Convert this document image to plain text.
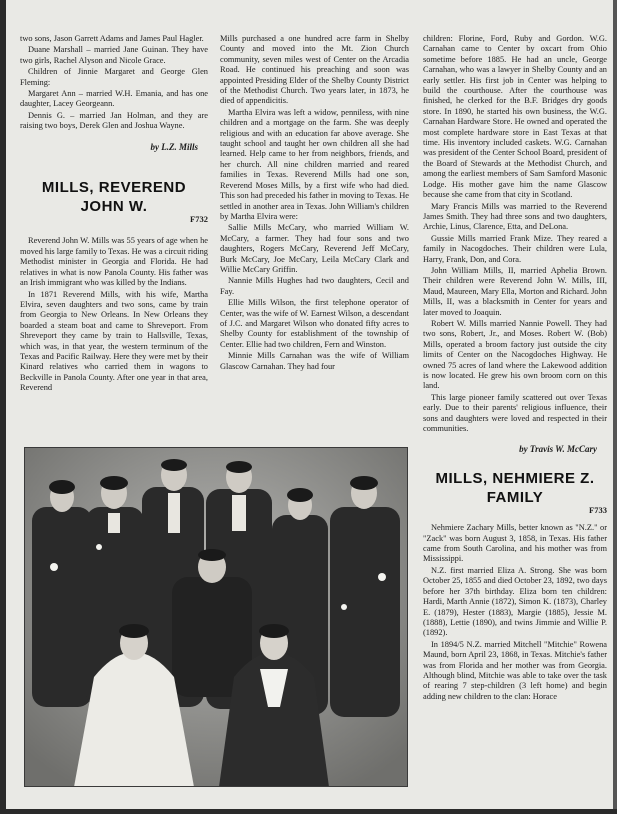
two sons, Jason Garrett Adams and James Paul Hagler.

Duane Marshall – married Jane Guinan. They have two girls, Rachel Alyson and Nicole Grace.

Children of Jinnie Margaret and George Glen Fleming:

Margaret Ann – married W.H. Emania, and has one daughter, Lacey Georgeann.

Dennis G. – married Jan Holman, and they are raising two boys, Derek Glen and Joshua Wayne.

by L.Z. Mills
MILLS, REVEREND
JOHN W.
F732

Reverend John W. Mills was 55 years of age when he moved his large family to Texas. He was a circuit riding Methodist minister in Georgia and Florida. He had relatives in what is now Panola County. His father was an Irish immigrant who was killed by the Indians.

In 1871 Reverend Mills, with his wife, Martha Elvira, seven daughters and two sons, came by train from Georgia to New Orleans. In New Orleans they boarded a steam boat and came to Shreveport. From Shreveport they came by train to Hallsville, Texas, which was, in that year, the western terminum of the Texas and Pacific Railway. Here they were met by their Kinard relatives who carried them in wagons to Beckville in Panola County. After one year in that area, Reverend

Mills purchased a one hundred acre farm in Shelby County and moved into the Mt. Zion Church community, seven miles west of Center on the Arcadia Road. He continued his preaching and soon was appointed Presiding Elder of the Shelby County District of the Methodist Church. Two years later, in 1873, he died of appendicitis.

Martha Elvira was left a widow, penniless, with nine children and a mortgage on the farm. She was deeply religious and with an education far above average. She taught school and taught her own children all she had learned. Help came to her from neighbors, friends, and her church. All nine children married and reared families in Texas. Reverend Mills had one son, Reverend Moses Mills, by a first wife who had died. This son had preceded his father in moving to Texas. He settled in another area in Texas. John William's children by Martha Elvira were:

Sallie Mills McCary, who married William W. McCary, a farmer. They had four sons and two daughters, Rogers McCary, Reverend Jeff McCary, Burk McCary, Joe McCary, Leila McCary Clark and Willie McCary Griffin.

Nannie Mills Hughes had two daughters, Cecil and Fay.

Ellie Mills Wilson, the first telephone operator of Center, was the wife of W. Earnest Wilson, a descendant of J.C. and Margaret Wilson who donated fifty acres to Shelby County for establishment of the township of Center. Ellie had two children, Fern and Winston.

Minnie Mills Carnahan was the wife of William Glascow Carnahan. They had four

children: Florine, Ford, Ruby and Gordon. W.G. Carnahan came to Center by oxcart from Ohio sometime before 1885. He had an uncle, George Carnahan, who was a lawyer in Shelby County and an early settler. His first job in Center was helping to build the courthouse. After the courthouse was finished, he clerked for the B.F. Bridges dry goods store. In 1890, he started his own business, the W.G. Carnahan Hardware Store. He owned and operated the most complete hardware store in East Texas at that time. His inventory included caskets. W.G. Carnahan was president of the Center School Board, president of the Board of Stewards at the Methodist Church, and among the earliest members of Sam Samford Masonic Lodge. His mother gave him the name Glascow because she came from that city in Scotland.

Mary Francis Mills was married to the Reverend James Smith. They had three sons and two daughters, Archie, Linus, Clarence, Etta, and DeLona.

Gussie Mills married Frank Mize. They reared a family in Nacogdoches. Their children were Lula, Harry, Frank, Don, and Cora.

John William Mills, II, married Aphelia Brown. Their children were Reverend John W. Mills, III, Maud, Maureen, Mary Ella, Morton and Richard. John Mills, II, was a blacksmith in Center for years and later moved to Joaquin.

Robert W. Mills married Nannie Powell. They had two sons, Robert, Jr., and Moses. Robert W. (Bob) Mills, operated a broom factory just outside the city limits of Center on the Nacogdoches Highway. He owned 75 acres of land where the Lakewood addition is now located. He grew his own broom corn on this land.

This large pioneer family scattered out over Texas early. Due to their parents' religious influence, their sons and daughters were loved and respected in their communities.

by Travis W. McCary
MILLS, NEHMIERE Z.
FAMILY
F733

Nehmiere Zachary Mills, better known as "N.Z." or "Zack" was born August 3, 1858, in Texas. His father came from South Carolina, and his mother was from Mississippi.

N.Z. first married Eliza A. Strong. She was born October 25, 1855 and died October 23, 1892, two days before her 37th birthday. Eliza born ten children: Hardi, Marth Annie (1872), Simon K. (1873), Charley E. (1879), Hester (1883), Margie (1885), Jessie M. (1888), Lettie (1890), and twins Jimmie and Willie P. (1892).

In 1894/5 N.Z. married Mitchell "Mitchie" Rowena Maund, born April 23, 1868, in Texas. Mitchie's father was from Florida and her mother was from Georgia. Although blind, Mitchie was able to take over the task of rearing 7 step-children (3 left home) and begin adding new children to the clan: Horace
